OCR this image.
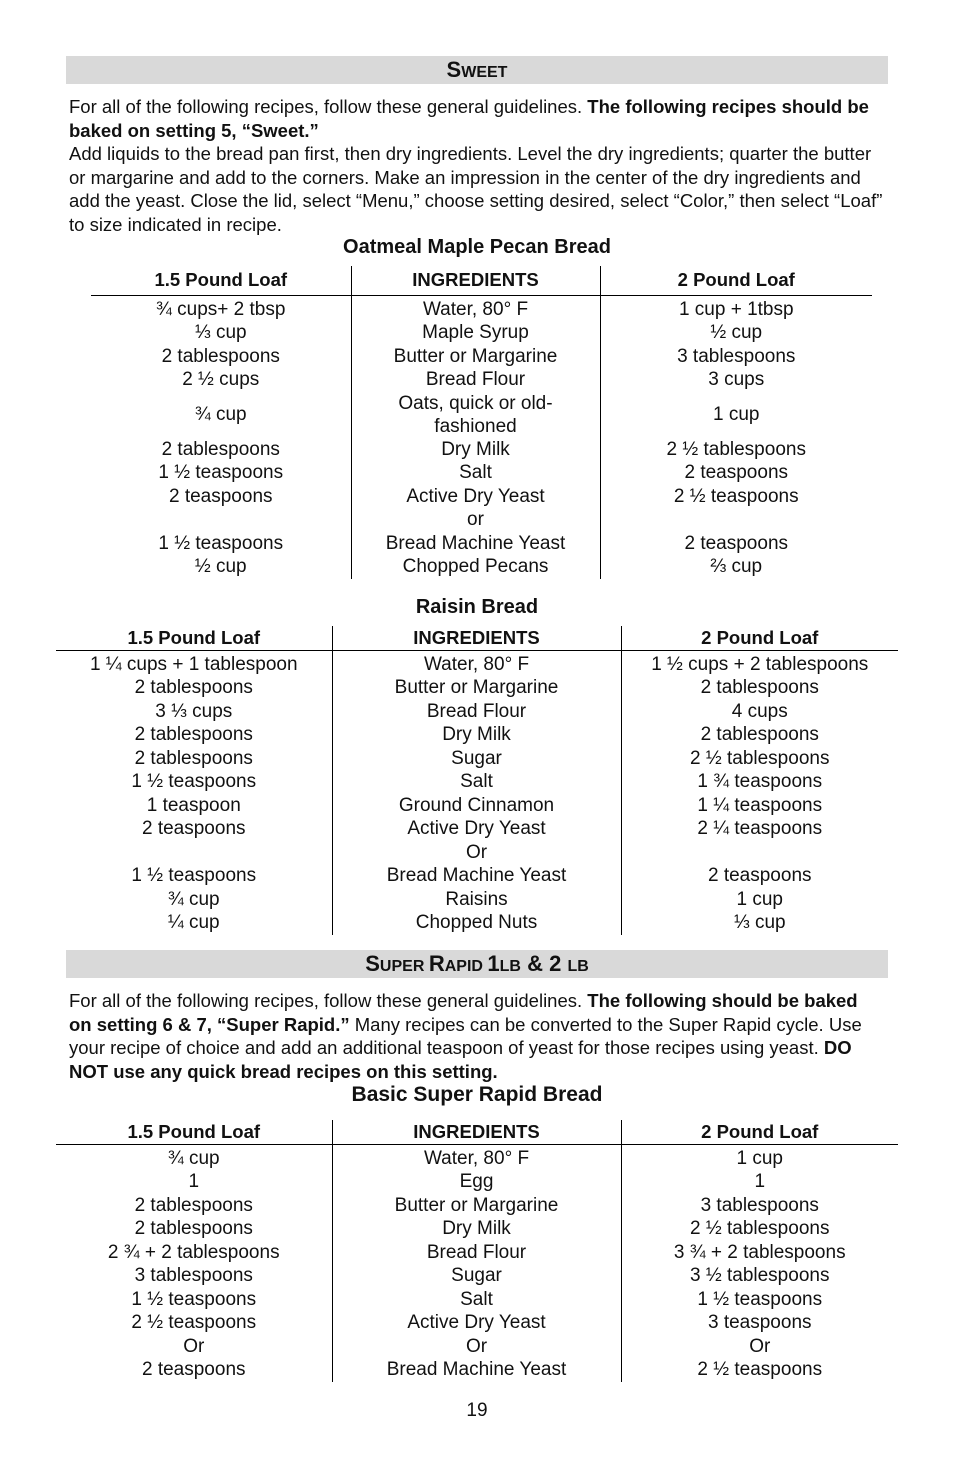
SWEET
For all of the following recipes, follow these general guidelines. The following recipes should be baked on setting 5, “Sweet.”
Add liquids to the bread pan first, then dry ingredients. Level the dry ingredients; quarter the butter or margarine and add to the corners. Make an impression in the center of the dry ingredients and add the yeast. Close the lid, select “Menu,” choose setting desired, select “Color,” then select “Loaf” to size indicated in recipe.
Oatmeal Maple Pecan Bread
1.5 Pound Loaf	INGREDIENTS	2 Pound Loaf
¾ cups+ 2 tbsp	Water, 80° F	1 cup + 1tbsp
⅓ cup	Maple Syrup	½ cup
2 tablespoons	Butter or Margarine	3 tablespoons
2 ½ cups	Bread Flour	3 cups
¾ cup	Oats, quick or old-fashioned	1 cup
2 tablespoons	Dry Milk	2 ½ tablespoons
1 ½ teaspoons	Salt	2 teaspoons
2 teaspoons	Active Dry Yeast	2 ½ teaspoons
	or	
1 ½ teaspoons	Bread Machine Yeast	2 teaspoons
½ cup	Chopped Pecans	⅔ cup
Raisin Bread
1.5 Pound Loaf	INGREDIENTS	2 Pound Loaf
1 ¼ cups + 1 tablespoon	Water, 80° F	1 ½ cups + 2 tablespoons
2 tablespoons	Butter or Margarine	2 tablespoons
3 ⅓ cups	Bread Flour	4 cups
2 tablespoons	Dry Milk	2 tablespoons
2 tablespoons	Sugar	2 ½ tablespoons
1 ½ teaspoons	Salt	1 ¾ teaspoons
1 teaspoon	Ground Cinnamon	1 ¼ teaspoons
2 teaspoons	Active Dry Yeast	2 ¼ teaspoons
	Or	
1 ½ teaspoons	Bread Machine Yeast	2 teaspoons
¾ cup	Raisins	1 cup
¼ cup	Chopped Nuts	⅓ cup
SUPER RAPID 1LB & 2 LB
For all of the following recipes, follow these general guidelines. The following should be baked on setting 6 & 7, “Super Rapid.” Many recipes can be converted to the Super Rapid cycle. Use your recipe of choice and add an additional teaspoon of yeast for those recipes using yeast. DO NOT use any quick bread recipes on this setting.
Basic Super Rapid Bread
1.5 Pound Loaf	INGREDIENTS	2 Pound Loaf
¾ cup	Water, 80° F	1 cup
1	Egg	1
2 tablespoons	Butter or Margarine	3 tablespoons
2 tablespoons	Dry Milk	2 ½ tablespoons
2 ¾ + 2 tablespoons	Bread Flour	3 ¾ + 2 tablespoons
3 tablespoons	Sugar	3 ½ tablespoons
1 ½ teaspoons	Salt	1 ½ teaspoons
2 ½ teaspoons	Active Dry Yeast	3 teaspoons
Or	Or	Or
2 teaspoons	Bread Machine Yeast	2 ½ teaspoons
19
